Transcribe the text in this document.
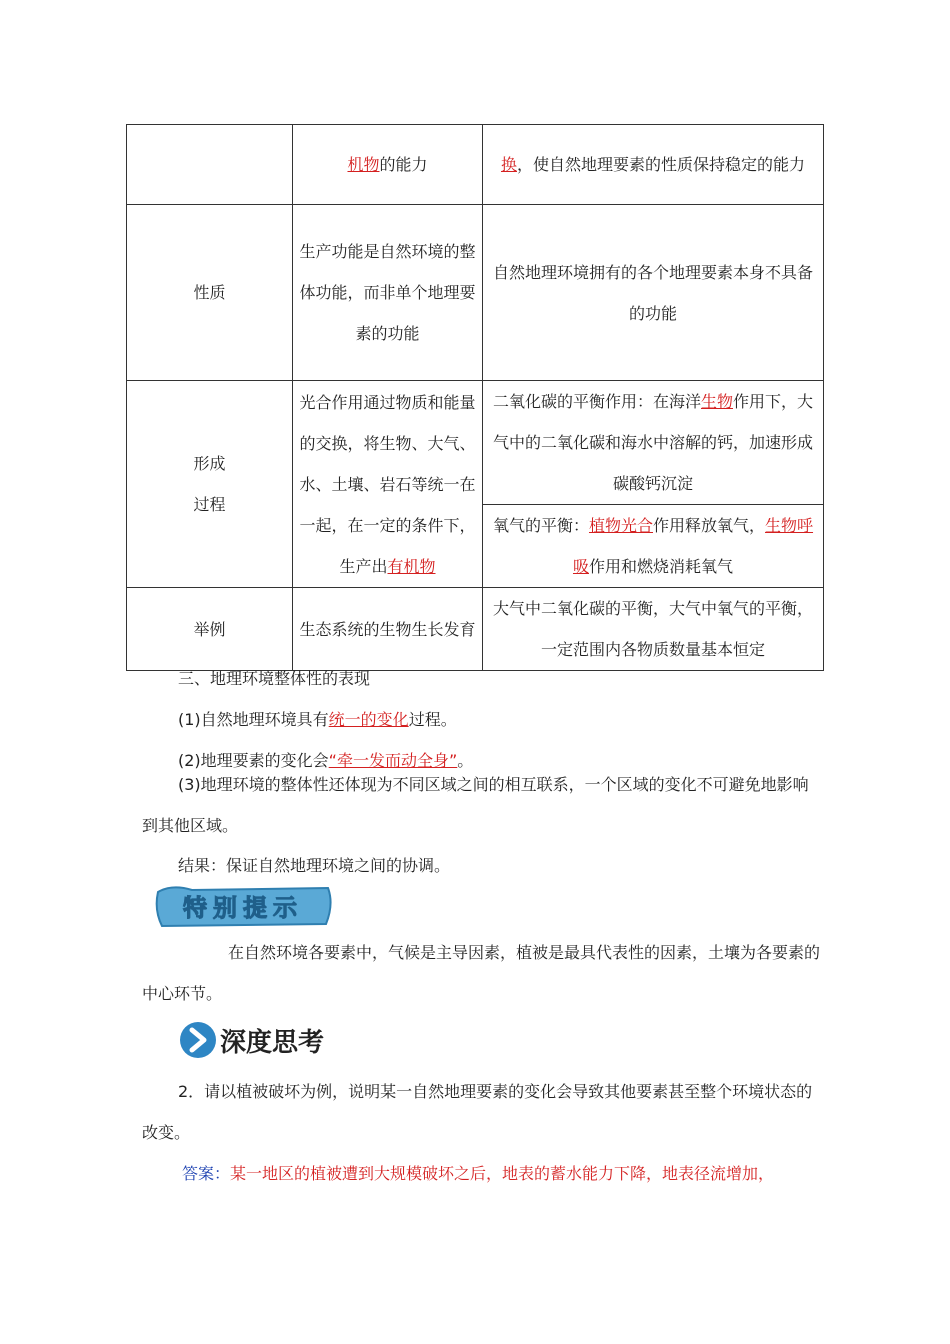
	机物的能力	换，使自然地理要素的性质保持稳定的能力
性质	生产功能是自然环境的整体功能，而非单个地理要素的功能	自然地理环境拥有的各个地理要素本身不具备的功能
形成
过程	光合作用通过物质和能量的交换，将生物、大气、水、土壤、岩石等统一在一起，在一定的条件下，生产出有机物	二氧化碳的平衡作用：在海洋生物作用下，大气中的二氧化碳和海水中溶解的钙，加速形成碳酸钙沉淀
		氧气的平衡：植物光合作用释放氧气，生物呼吸作用和燃烧消耗氧气
举例	生态系统的生物生长发育	大气中二氧化碳的平衡，大气中氧气的平衡，一定范围内各物质数量基本恒定
三、地理环境整体性的表现
(1)自然地理环境具有统一的变化过程。
(2)地理要素的变化会“牵一发而动全身”。
(3)地理环境的整体性还体现为不同区域之间的相互联系，一个区域的变化不可避免地影响到其他区域。
结果：保证自然地理环境之间的协调。
特别提示
在自然环境各要素中，气候是主导因素，植被是最具代表性的因素，土壤为各要素的中心环节。
深度思考
2．请以植被破坏为例，说明某一自然地理要素的变化会导致其他要素甚至整个环境状态的改变。
答案：某一地区的植被遭到大规模破坏之后，地表的蓄水能力下降，地表径流增加，
